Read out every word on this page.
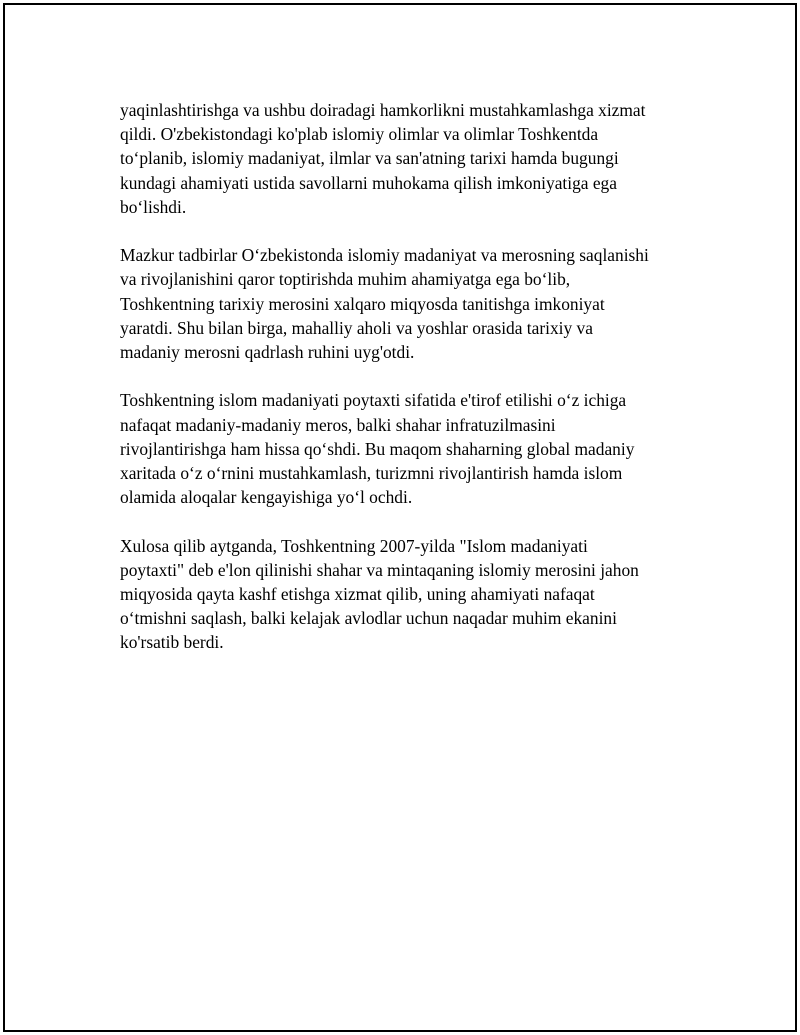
yaqinlashtirishga va ushbu doiradagi hamkorlikni mustahkamlashga xizmat
qildi. O'zbekistondagi ko'plab islomiy olimlar va olimlar Toshkentda
to‘planib, islomiy madaniyat, ilmlar va san'atning tarixi hamda bugungi
kundagi ahamiyati ustida savollarni muhokama qilish imkoniyatiga ega
bo‘lishdi.

Mazkur tadbirlar O‘zbekistonda islomiy madaniyat va merosning saqlanishi
va rivojlanishini qaror toptirishda muhim ahamiyatga ega bo‘lib,
Toshkentning tarixiy merosini xalqaro miqyosda tanitishga imkoniyat
yaratdi. Shu bilan birga, mahalliy aholi va yoshlar orasida tarixiy va
madaniy merosni qadrlash ruhini uyg'otdi.

Toshkentning islom madaniyati poytaxti sifatida e'tirof etilishi o‘z ichiga
nafaqat madaniy-madaniy meros, balki shahar infratuzilmasini
rivojlantirishga ham hissa qo‘shdi. Bu maqom shaharning global madaniy
xaritada o‘z o‘rnini mustahkamlash, turizmni rivojlantirish hamda islom
olamida aloqalar kengayishiga yo‘l ochdi.

Xulosa qilib aytganda, Toshkentning 2007-yilda "Islom madaniyati
poytaxti" deb e'lon qilinishi shahar va mintaqaning islomiy merosini jahon
miqyosida qayta kashf etishga xizmat qilib, uning ahamiyati nafaqat
o‘tmishni saqlash, balki kelajak avlodlar uchun naqadar muhim ekanini
ko'rsatib berdi.
